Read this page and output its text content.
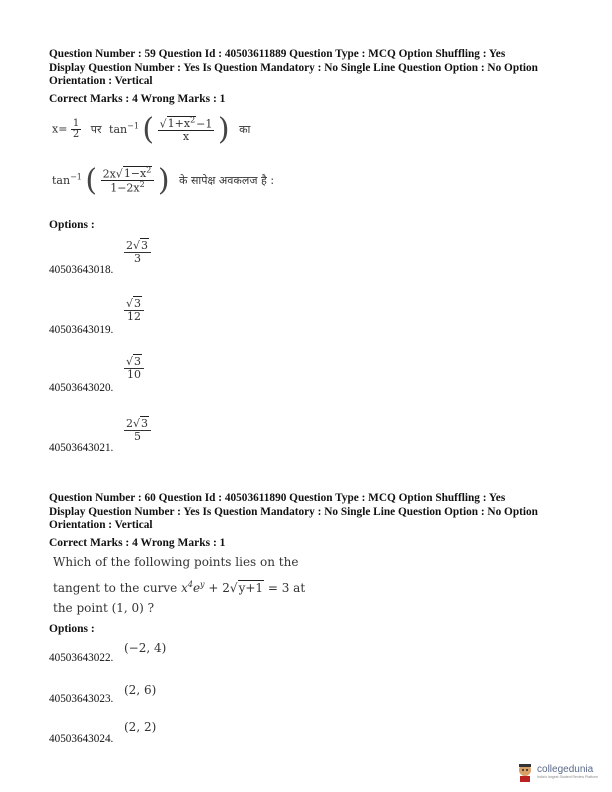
Question Number : 59 Question Id : 40503611889 Question Type : MCQ Option Shuffling : Yes
Display Question Number : Yes Is Question Mandatory : No Single Line Question Option : No Option
Orientation : Vertical
Correct Marks : 4 Wrong Marks : 1
$x= \frac{1}{2}$ पर $\tan^{-1}$ ( $\frac{√1+x^2-1}{x}$ ) का
$\tan^{-1}$ ( $\frac{2x√1-x^2}{1-2x^2}$ ) के सापेक्ष अवकलज है :
Options :
40503643018.
$\frac{2√3}{3}$
40503643019.
$\frac{√3}{12}$
40503643020.
$\frac{√3}{10}$
40503643021.
$\frac{2√3}{5}$
Question Number : 60 Question Id : 40503611890 Question Type : MCQ Option Shuffling : Yes
Display Question Number : Yes Is Question Mandatory : No Single Line Question Option : No Option
Orientation : Vertical
Correct Marks : 4 Wrong Marks : 1
Which of the following points lies on the
tangent to the curve $x^4e^y + 2√y+1 = 3$ at
the point (1, 0) ?
Options :
40503643022.
(−2, 4)
40503643023.
(2, 6)
40503643024.
(2, 2)
collegedunia
India's largest Student Review Platform
